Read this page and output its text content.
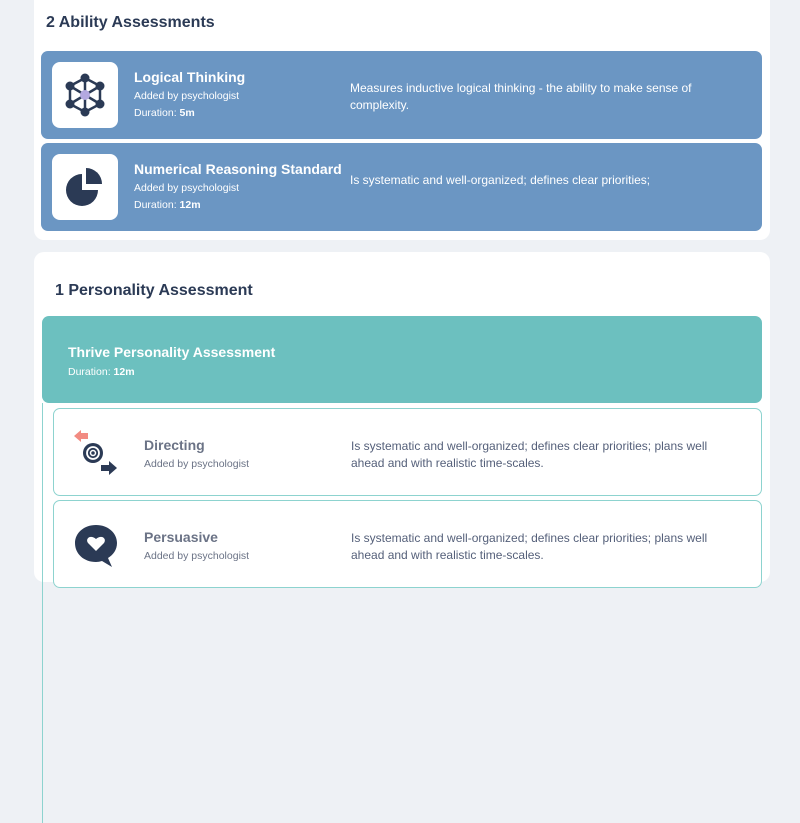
2 Ability Assessments
Logical Thinking
Added by psychologist
Duration: 5m
Measures inductive logical thinking - the ability to make sense of complexity.
Numerical Reasoning Standard
Added by psychologist
Duration: 12m
Is systematic and well-organized; defines clear priorities;
1 Personality Assessment
Thrive Personality Assessment
Duration: 12m
Directing
Added by psychologist
Is systematic and well-organized; defines clear priorities; plans well ahead and with realistic time-scales.
Persuasive
Added by psychologist
Is systematic and well-organized; defines clear priorities; plans well ahead and with realistic time-scales.
